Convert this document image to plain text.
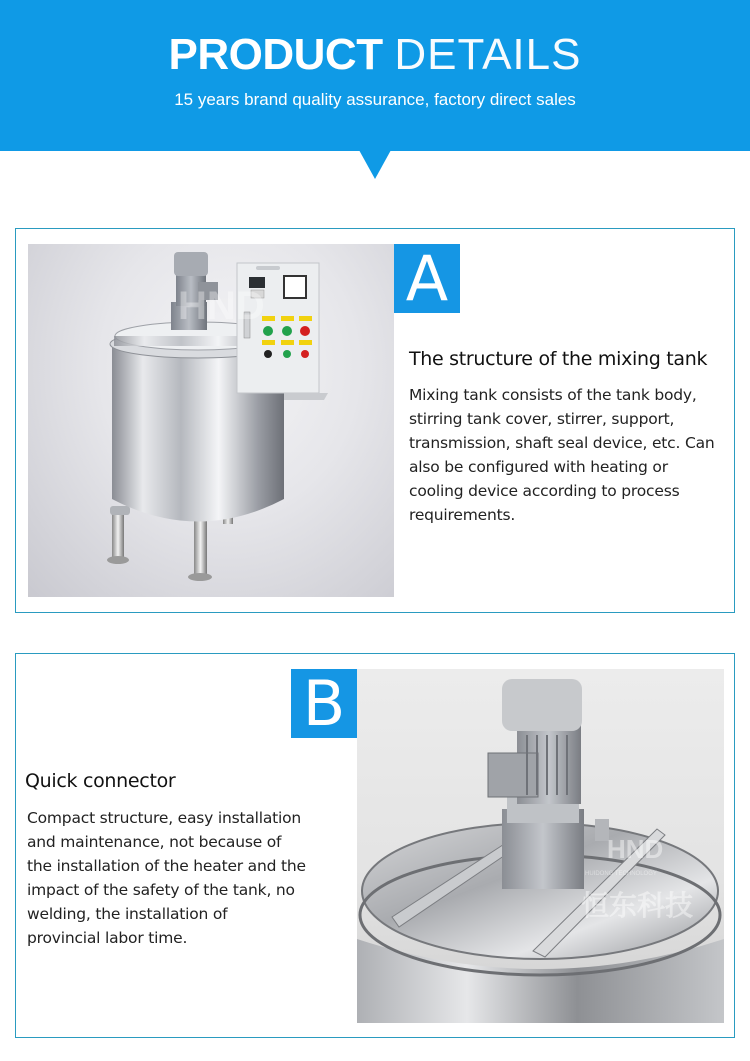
PRODUCT DETAILS
15 years brand quality assurance, factory direct sales
HND A
The structure of the mixing tank
Mixing tank consists of the tank body,
stirring tank cover, stirrer, support,
transmission, shaft seal device, etc. Can
also be configured with heating or
cooling device according to process
requirements.
HND
HUIDONG TECHNOLOGY
恒东科技
B
Quick connector
Compact structure, easy installation
and maintenance, not because of
the installation of the heater and the
impact of the safety of the tank, no
welding, the installation of
provincial labor time.
